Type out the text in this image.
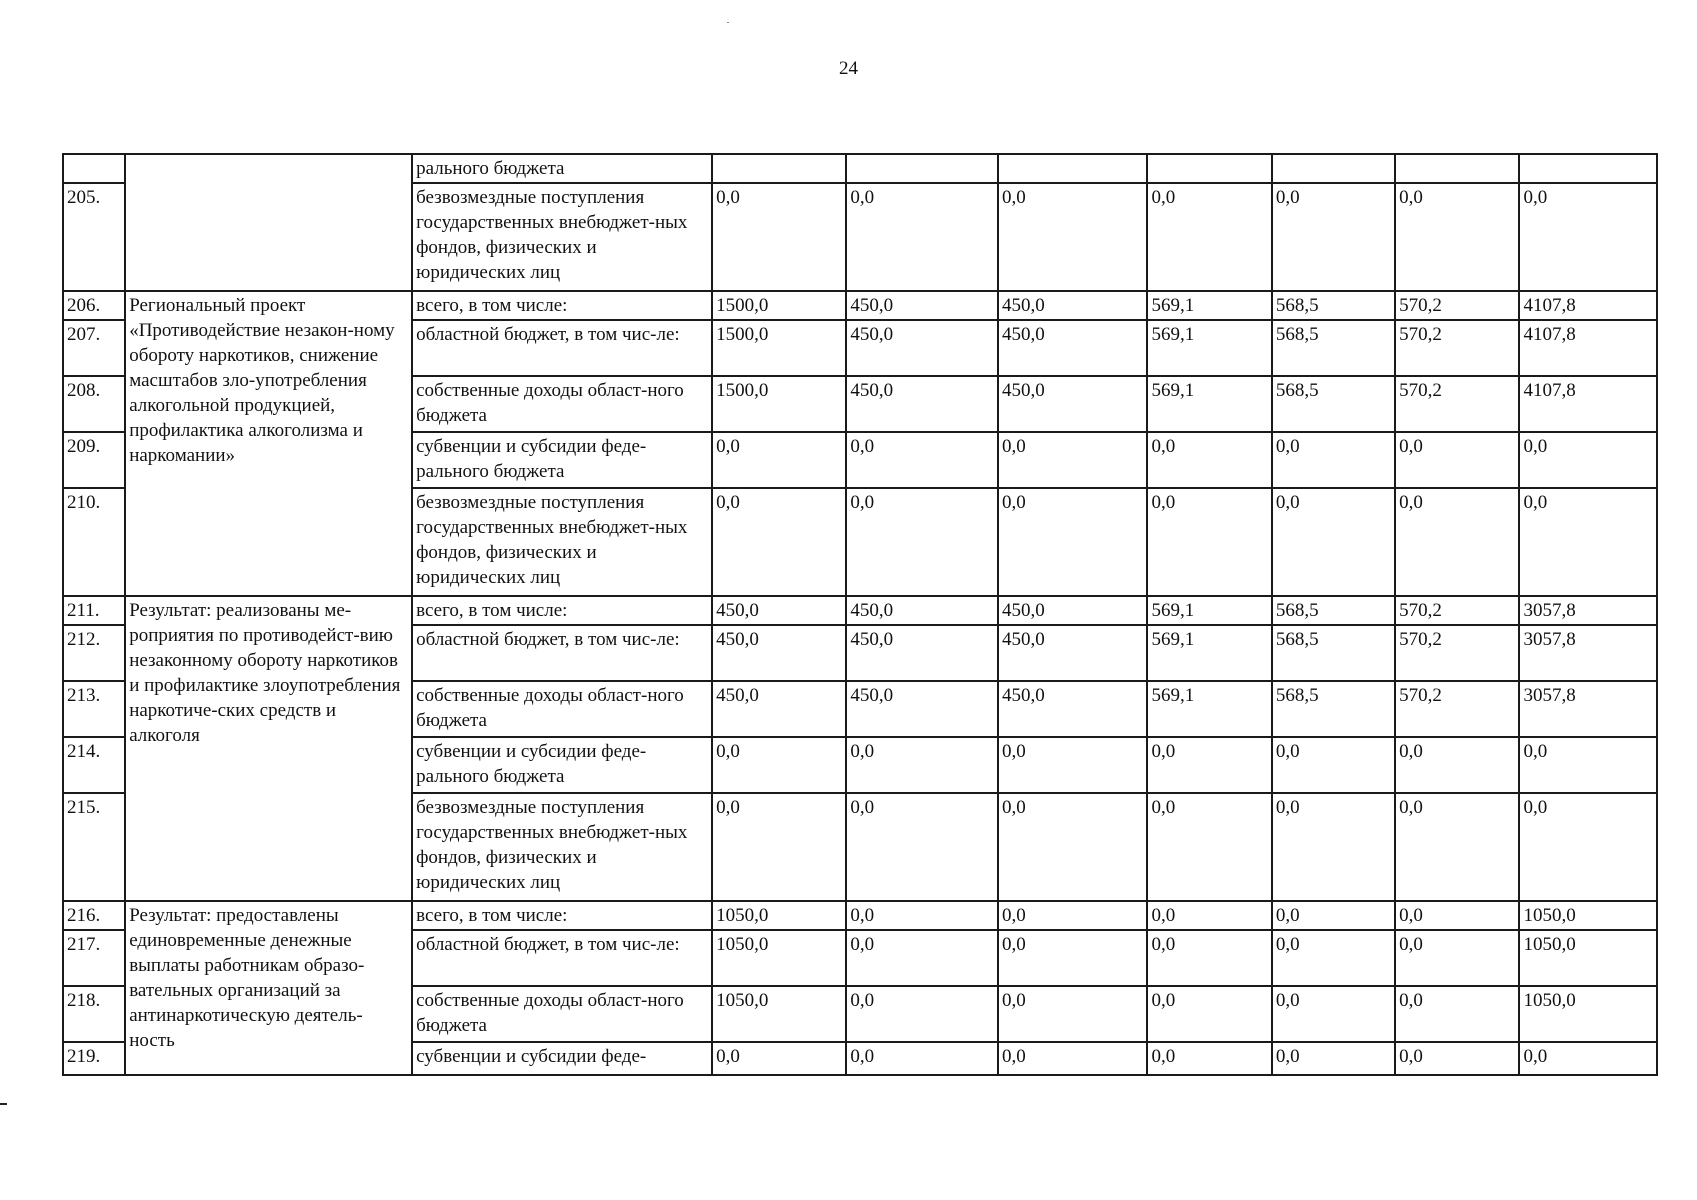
24
		рального бюджета							
205.		безвозмездные поступления государственных внебюджет-ных фондов, физических и юридических лиц	0,0	0,0	0,0	0,0	0,0	0,0	0,0
206.	Региональный проект «Противодействие незакон-ному обороту наркотиков, снижение масштабов зло-употребления алкогольной продукцией, профилактика алкоголизма и наркомании»	всего, в том числе:	1500,0	450,0	450,0	569,1	568,5	570,2	4107,8
207.		областной бюджет, в том чис-ле:	1500,0	450,0	450,0	569,1	568,5	570,2	4107,8
208.		собственные доходы област-ного бюджета	1500,0	450,0	450,0	569,1	568,5	570,2	4107,8
209.		субвенции и субсидии феде-рального бюджета	0,0	0,0	0,0	0,0	0,0	0,0	0,0
210.		безвозмездные поступления государственных внебюджет-ных фондов, физических и юридических лиц	0,0	0,0	0,0	0,0	0,0	0,0	0,0
211.	Результат: реализованы ме-роприятия по противодейст-вию незаконному обороту наркотиков и профилактике злоупотребления наркотиче-ских средств и алкоголя	всего, в том числе:	450,0	450,0	450,0	569,1	568,5	570,2	3057,8
212.		областной бюджет, в том чис-ле:	450,0	450,0	450,0	569,1	568,5	570,2	3057,8
213.		собственные доходы област-ного бюджета	450,0	450,0	450,0	569,1	568,5	570,2	3057,8
214.		субвенции и субсидии феде-рального бюджета	0,0	0,0	0,0	0,0	0,0	0,0	0,0
215.		безвозмездные поступления государственных внебюджет-ных фондов, физических и юридических лиц	0,0	0,0	0,0	0,0	0,0	0,0	0,0
216.	Результат: предоставлены единовременные денежные выплаты работникам образо-вательных организаций за антинаркотическую деятель-ность	всего, в том числе:	1050,0	0,0	0,0	0,0	0,0	0,0	1050,0
217.		областной бюджет, в том чис-ле:	1050,0	0,0	0,0	0,0	0,0	0,0	1050,0
218.		собственные доходы област-ного бюджета	1050,0	0,0	0,0	0,0	0,0	0,0	1050,0
219.		субвенции и субсидии феде-	0,0	0,0	0,0	0,0	0,0	0,0	0,0
